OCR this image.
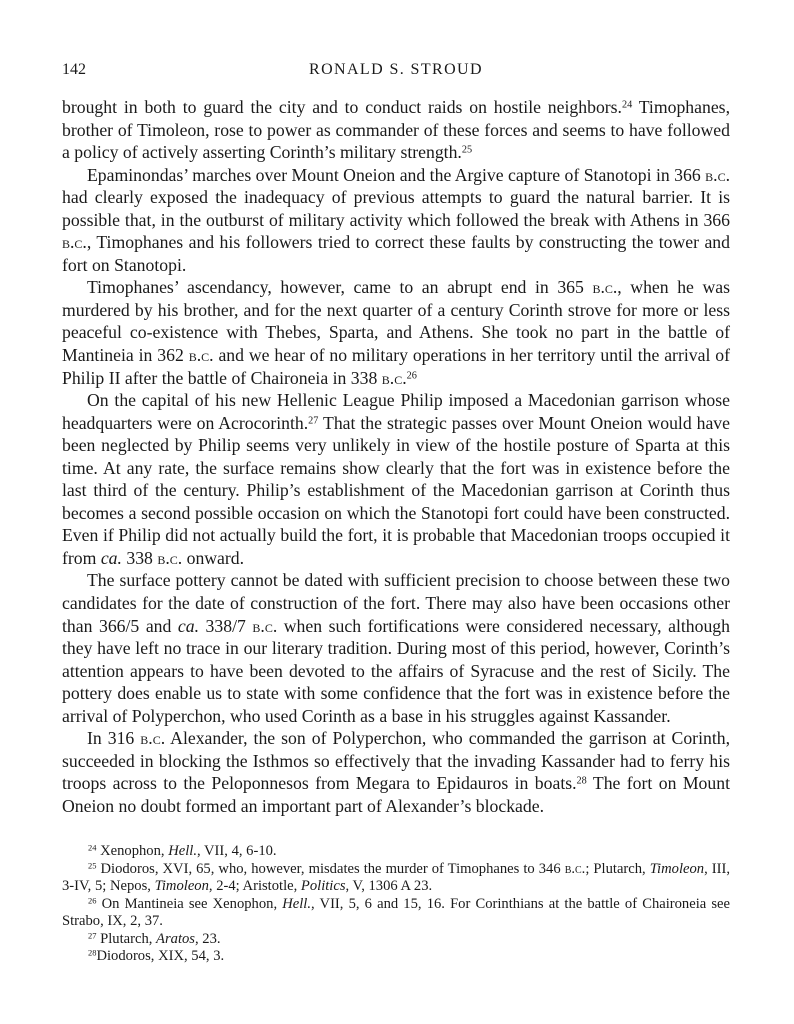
142	RONALD S. STROUD

brought in both to guard the city and to conduct raids on hostile neighbors.$^{24}$ Timophanes, brother of Timoleon, rose to power as commander of these forces and seems to have followed a policy of actively asserting Corinth’s military strength.$^{25}$

Epaminondas’ marches over Mount Oneion and the Argive capture of Stanotopi in 366 b.c. had clearly exposed the inadequacy of previous attempts to guard the natural barrier. It is possible that, in the outburst of military activity which followed the break with Athens in 366 b.c., Timophanes and his followers tried to correct these faults by constructing the tower and fort on Stanotopi.

Timophanes’ ascendancy, however, came to an abrupt end in 365 b.c., when he was murdered by his brother, and for the next quarter of a century Corinth strove for more or less peaceful co-existence with Thebes, Sparta, and Athens. She took no part in the battle of Mantineia in 362 b.c. and we hear of no military operations in her territory until the arrival of Philip II after the battle of Chaironeia in 338 b.c.$^{26}$

On the capital of his new Hellenic League Philip imposed a Macedonian garrison whose headquarters were on Acrocorinth.$^{27}$ That the strategic passes over Mount Oneion would have been neglected by Philip seems very unlikely in view of the hostile posture of Sparta at this time. At any rate, the surface remains show clearly that the fort was in existence before the last third of the century. Philip’s establishment of the Macedonian garrison at Corinth thus becomes a second possible occasion on which the Stanotopi fort could have been constructed. Even if Philip did not actually build the fort, it is probable that Macedonian troops occupied it from ca. 338 b.c. onward.

The surface pottery cannot be dated with sufficient precision to choose between these two candidates for the date of construction of the fort. There may also have been occasions other than 366/5 and ca. 338/7 b.c. when such fortifications were considered necessary, although they have left no trace in our literary tradition. During most of this period, however, Corinth’s attention appears to have been devoted to the affairs of Syracuse and the rest of Sicily. The pottery does enable us to state with some confidence that the fort was in existence before the arrival of Polyperchon, who used Corinth as a base in his struggles against Kassander.

In 316 b.c. Alexander, the son of Polyperchon, who commanded the garrison at Corinth, succeeded in blocking the Isthmos so effectively that the invading Kassander had to ferry his troops across to the Peloponnesos from Megara to Epidauros in boats.$^{28}$ The fort on Mount Oneion no doubt formed an important part of Alexander’s blockade.

$^{24}$ Xenophon, Hell., VII, 4, 6-10.

$^{25}$ Diodoros, XVI, 65, who, however, misdates the murder of Timophanes to 346 b.c.; Plutarch, Timoleon, III, 3-IV, 5; Nepos, Timoleon, 2-4; Aristotle, Politics, V, 1306 A 23.

$^{26}$ On Mantineia see Xenophon, Hell., VII, 5, 6 and 15, 16. For Corinthians at the battle of Chaironeia see Strabo, IX, 2, 37.

$^{27}$ Plutarch, Aratos, 23.

$^{28}$Diodoros, XIX, 54, 3.
